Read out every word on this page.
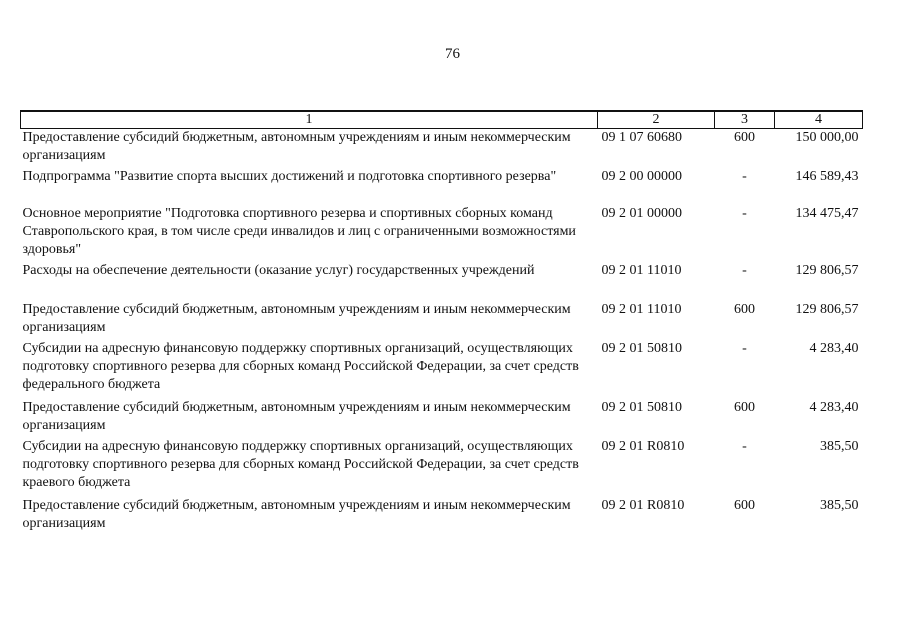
76
1	2	3	4
Предоставление субсидий бюджетным, автономным учреждениям и иным некоммерческим организациям	09 1 07 60680	600	150 000,00
Подпрограмма "Развитие спорта высших достижений и подготовка спортивного резерва"	09 2 00 00000	-	146 589,43
Основное мероприятие "Подготовка спортивного резерва и спортивных сборных команд Ставропольского края, в том числе среди инвалидов и лиц с ограниченными возможностями здоровья"	09 2 01 00000	-	134 475,47
Расходы на обеспечение деятельности (оказание услуг) государственных учреждений	09 2 01 11010	-	129 806,57
Предоставление субсидий бюджетным, автономным учреждениям и иным некоммерческим организациям	09 2 01 11010	600	129 806,57
Субсидии на адресную финансовую поддержку спортивных организаций, осуществляющих подготовку спортивного резерва для сборных команд Российской Федерации, за счет средств федерального бюджета	09 2 01 50810	-	4 283,40
Предоставление субсидий бюджетным, автономным учреждениям и иным некоммерческим организациям	09 2 01 50810	600	4 283,40
Субсидии на адресную финансовую поддержку спортивных организаций, осуществляющих подготовку спортивного резерва для сборных команд Российской Федерации, за счет средств краевого бюджета	09 2 01 R0810	-	385,50
Предоставление субсидий бюджетным, автономным учреждениям и иным некоммерческим организациям	09 2 01 R0810	600	385,50
